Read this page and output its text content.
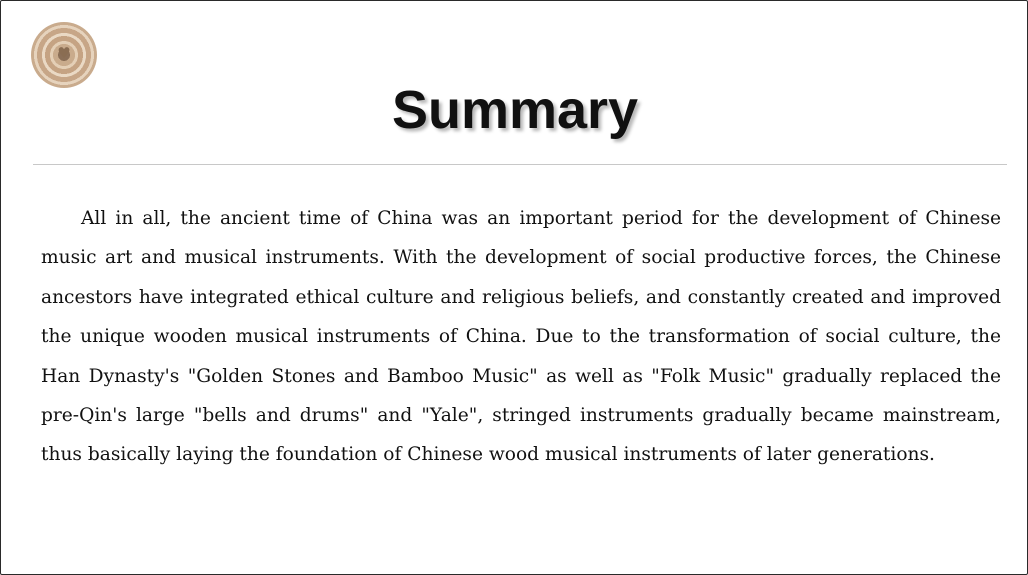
♥
Summary

All in all, the ancient time of China was an important period for the development of Chinese music art and musical instruments. With the development of social productive forces, the Chinese ancestors have integrated ethical culture and religious beliefs, and constantly created and improved the unique wooden musical instruments of China. Due to the transformation of social culture, the Han Dynasty's "Golden Stones and Bamboo Music" as well as "Folk Music" gradually replaced the pre-Qin's large "bells and drums" and "Yale", stringed instruments gradually became mainstream, thus basically laying the foundation of Chinese wood musical instruments of later generations.
